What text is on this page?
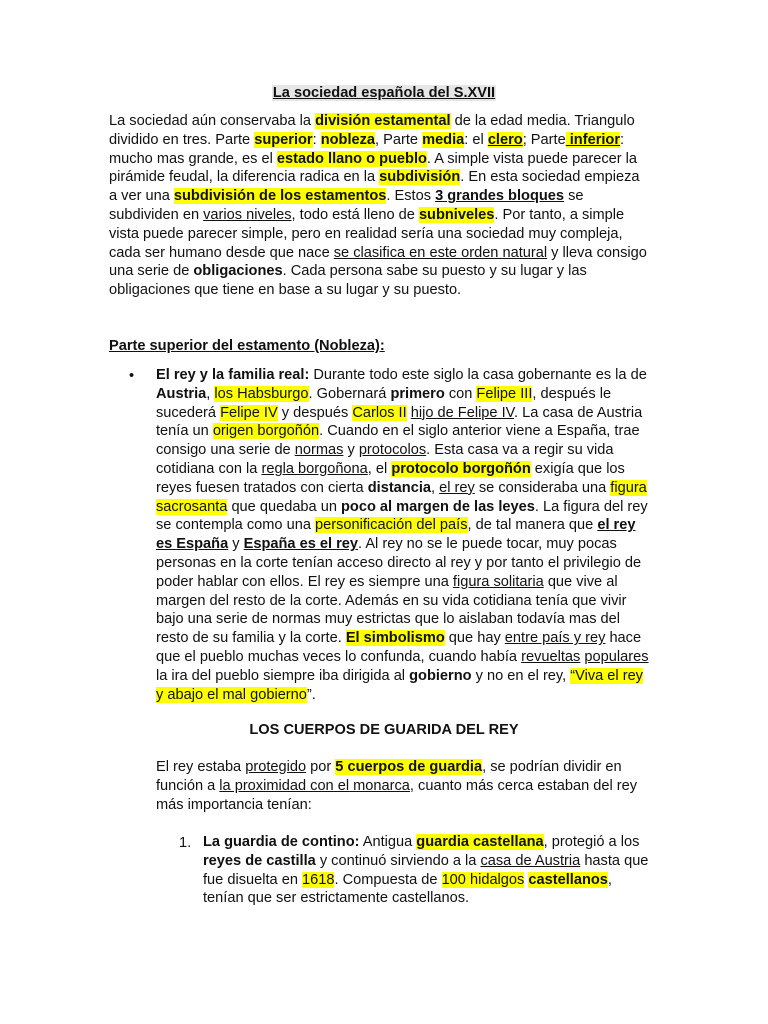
La sociedad española del S.XVII

La sociedad aún conservaba la división estamental de la edad media. Triangulo
dividido en tres. Parte superior: nobleza, Parte media: el clero; Parte inferior:
mucho mas grande, es el estado llano o pueblo. A simple vista puede parecer la
pirámide feudal, la diferencia radica en la subdivisión. En esta sociedad empieza
a ver una subdivisión de los estamentos. Estos 3 grandes bloques se
subdividen en varios niveles, todo está lleno de subniveles. Por tanto, a simple
vista puede parecer simple, pero en realidad sería una sociedad muy compleja,
cada ser humano desde que nace se clasifica en este orden natural y lleva consigo
una serie de obligaciones. Cada persona sabe su puesto y su lugar y las
obligaciones que tiene en base a su lugar y su puesto.

Parte superior del estamento (Nobleza):
• El rey y la familia real: Durante todo este siglo la casa gobernante es la de
Austria, los Habsburgo. Gobernará primero con Felipe III, después le
sucederá Felipe IV y después Carlos II hijo de Felipe IV. La casa de Austria
tenía un origen borgoñón. Cuando en el siglo anterior viene a España, trae
consigo una serie de normas y protocolos. Esta casa va a regir su vida
cotidiana con la regla borgoñona, el protocolo borgoñón exigía que los
reyes fuesen tratados con cierta distancia, el rey se consideraba una figura
sacrosanta que quedaba un poco al margen de las leyes. La figura del rey
se contempla como una personificación del país, de tal manera que el rey
es España y España es el rey. Al rey no se le puede tocar, muy pocas
personas en la corte tenían acceso directo al rey y por tanto el privilegio de
poder hablar con ellos. El rey es siempre una figura solitaria que vive al
margen del resto de la corte. Además en su vida cotidiana tenía que vivir
bajo una serie de normas muy estrictas que lo aislaban todavía mas del
resto de su familia y la corte. El simbolismo que hay entre país y rey hace
que el pueblo muchas veces lo confunda, cuando había revueltas populares
la ira del pueblo siempre iba dirigida al gobierno y no en el rey, “Viva el rey
y abajo el mal gobierno”.

LOS CUERPOS DE GUARIDA DEL REY

El rey estaba protegido por 5 cuerpos de guardia, se podrían dividir en
función a la proximidad con el monarca, cuanto más cerca estaban del rey
más importancia tenían:

1. La guardia de contino: Antigua guardia castellana, protegió a los
reyes de castilla y continuó sirviendo a la casa de Austria hasta que
fue disuelta en 1618. Compuesta de 100 hidalgos castellanos,
tenían que ser estrictamente castellanos.
